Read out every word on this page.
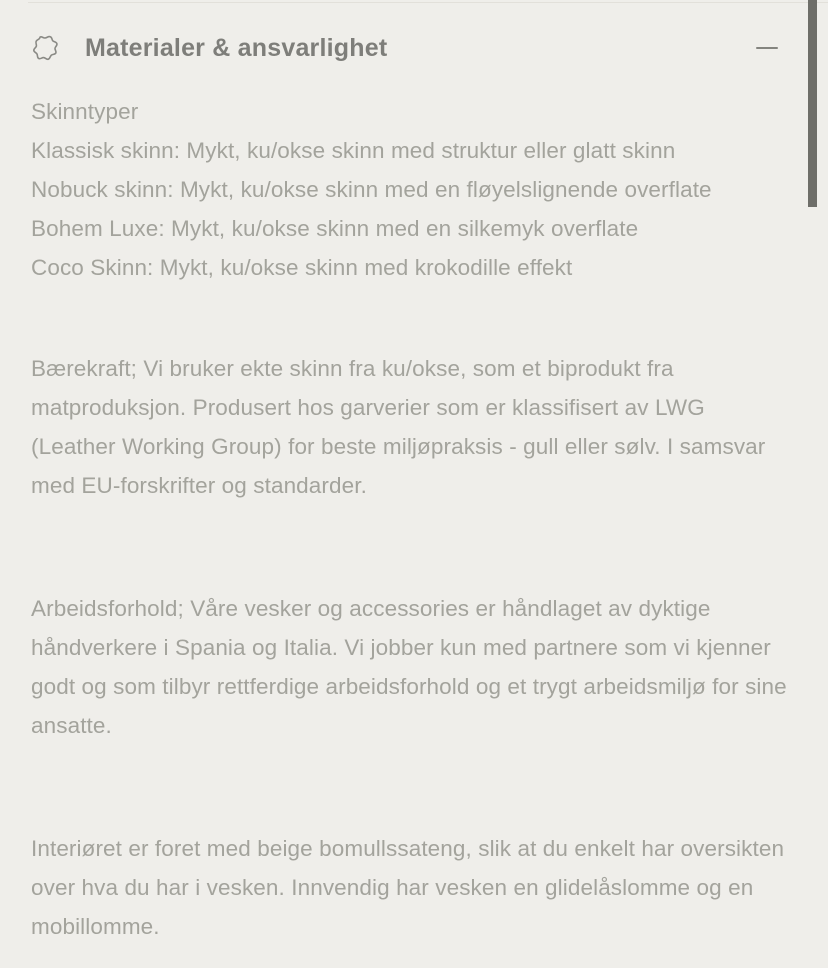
Materialer & ansvarlighet
Skinntyper
Klassisk skinn: Mykt, ku/okse skinn med struktur eller glatt skinn
Nobuck skinn: Mykt, ku/okse skinn med en fløyelslignende overflate
Bohem Luxe: Mykt, ku/okse skinn med en silkemyk overflate
Coco Skinn: Mykt, ku/okse skinn med krokodille effekt

Bærekraft; Vi bruker ekte skinn fra ku/okse, som et biprodukt fra matproduksjon. Produsert hos garverier som er klassifisert av LWG (Leather Working Group) for beste miljøpraksis - gull eller sølv. I samsvar med EU-forskrifter og standarder.

Arbeidsforhold; Våre vesker og accessories er håndlaget av dyktige håndverkere i Spania og Italia. Vi jobber kun med partnere som vi kjenner godt og som tilbyr rettferdige arbeidsforhold og et trygt arbeidsmiljø for sine ansatte.

Interiøret er foret med beige bomullssateng, slik at du enkelt har oversikten over hva du har i vesken. Innvendig har vesken en glidelåslomme og en mobillomme.
